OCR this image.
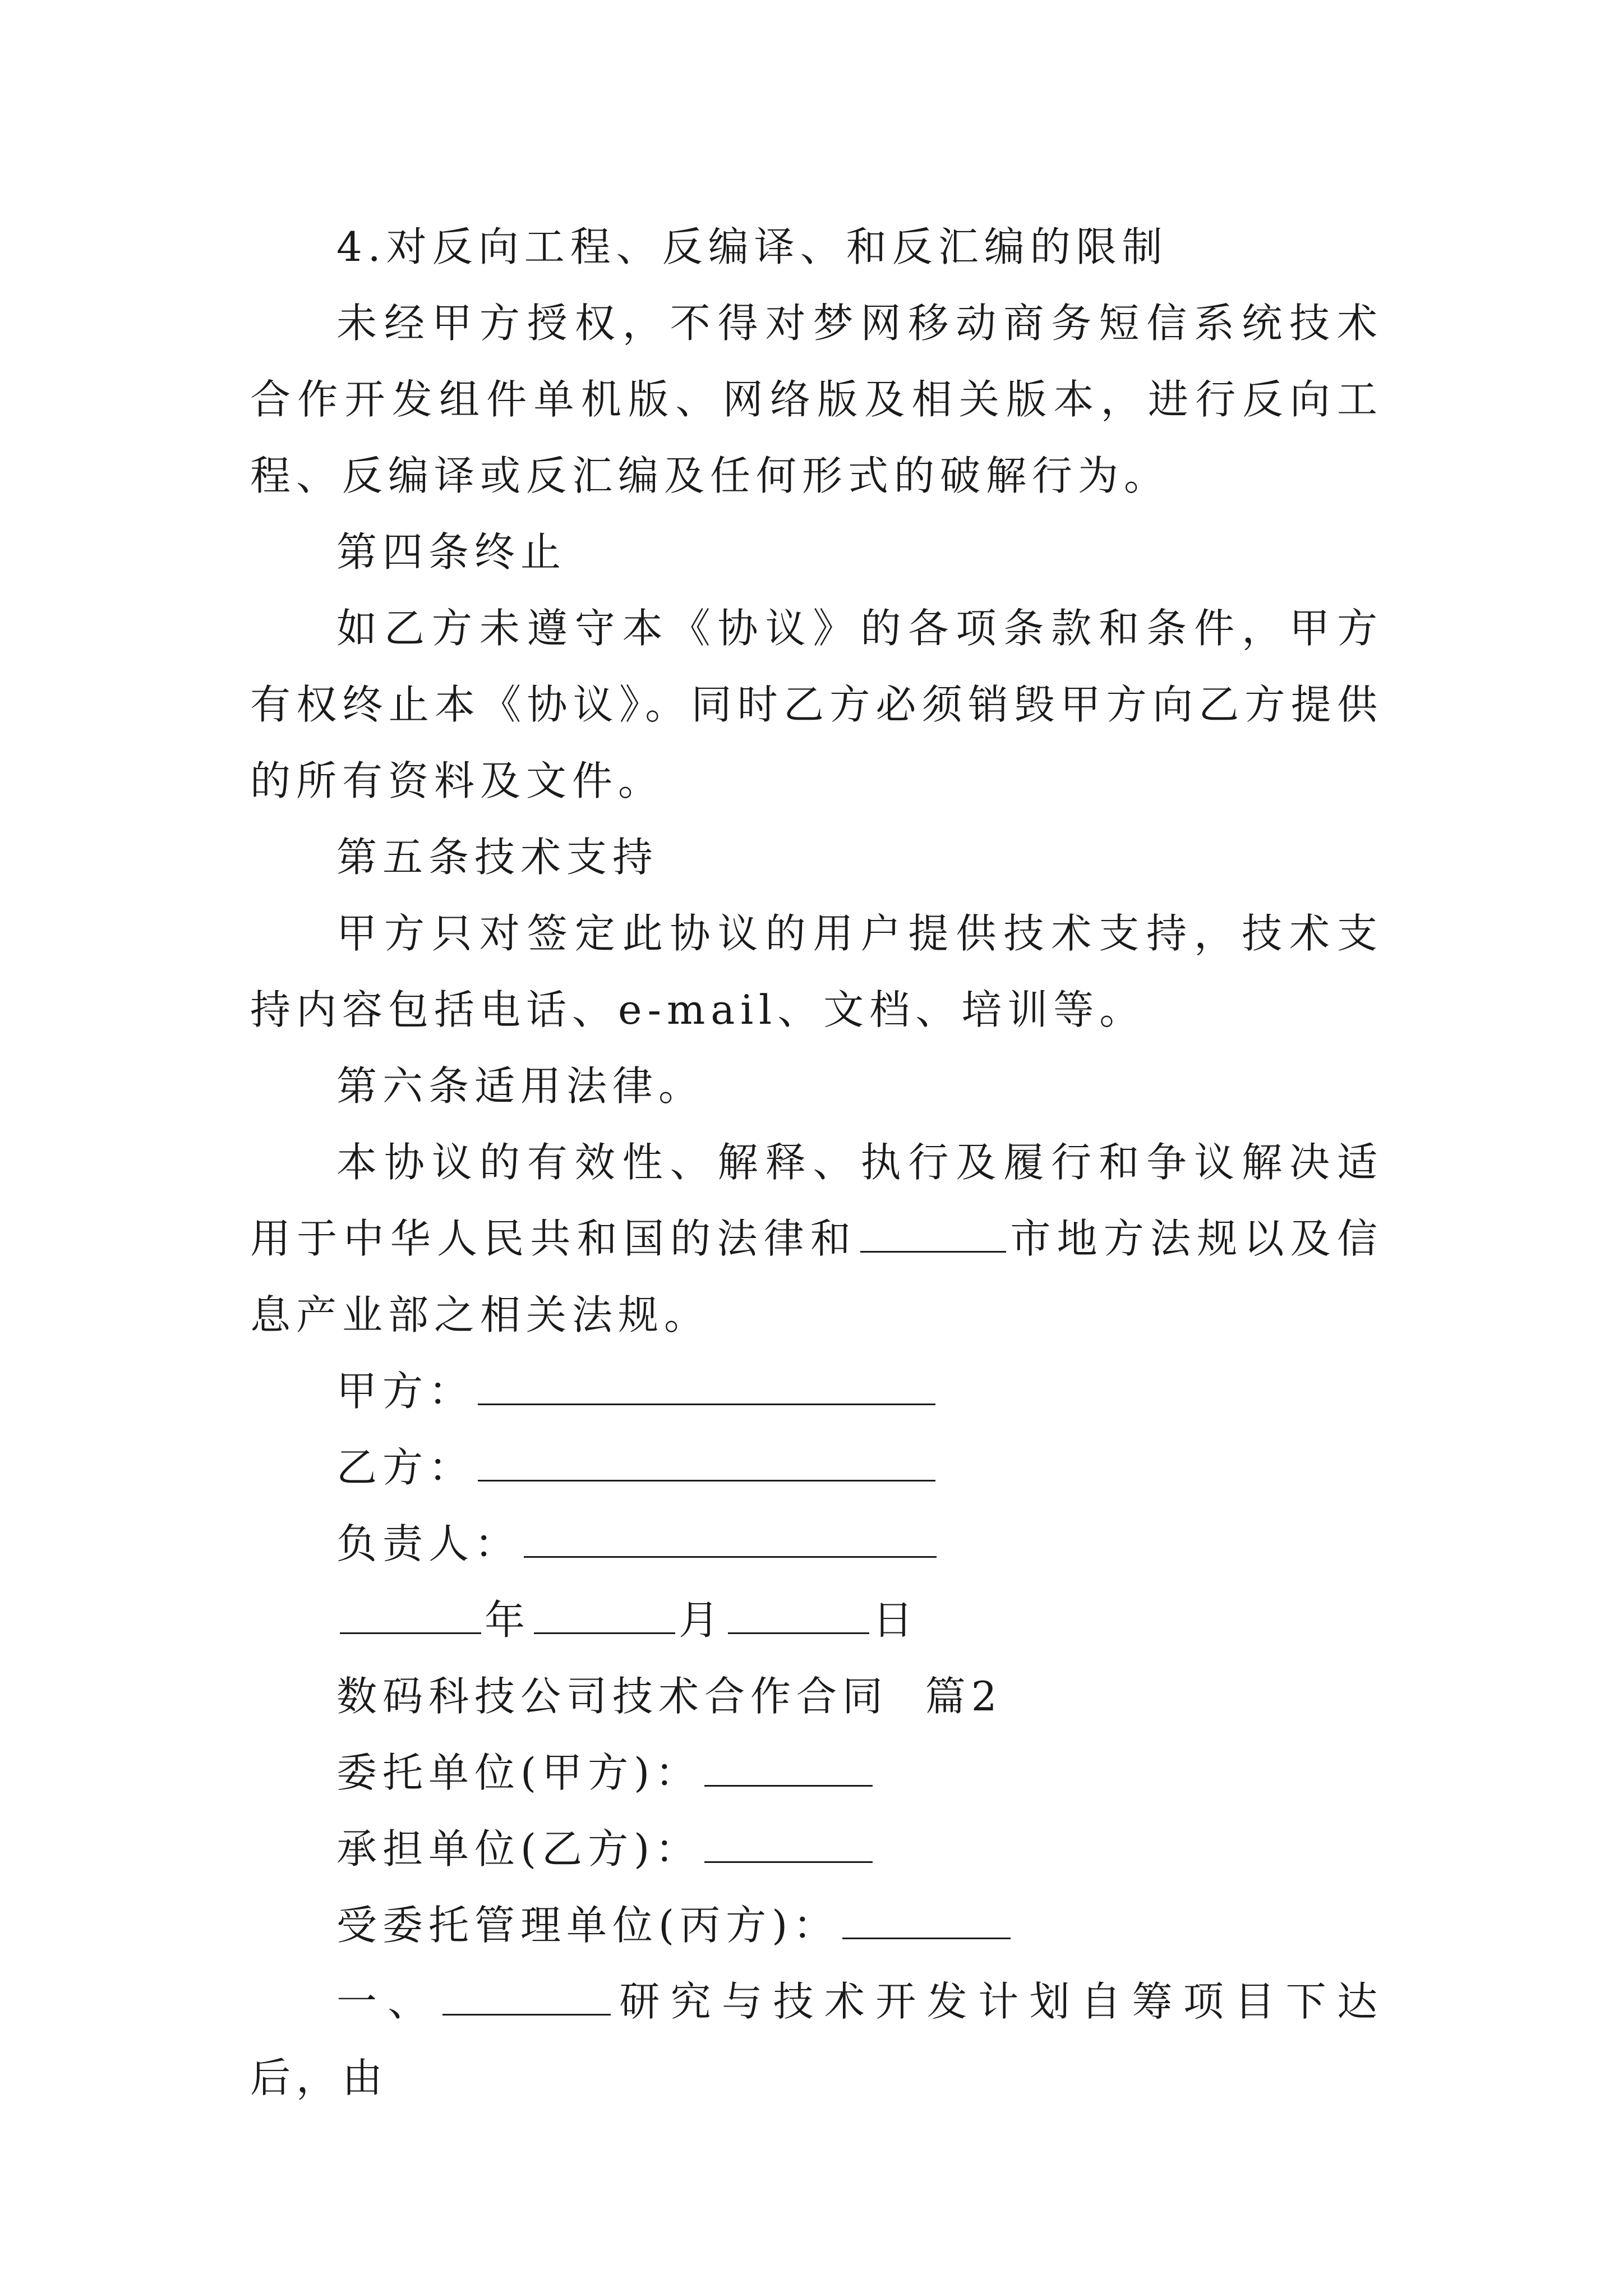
4.对反向工程、反编译、和反汇编的限制

未经甲方授权，不得对梦网移动商务短信系统技术合作开发组件单机版、网络版及相关版本，进行反向工程、反编译或反汇编及任何形式的破解行为。

第四条终止

如乙方未遵守本《协议》的各项条款和条件，甲方有权终止本《协议》。同时乙方必须销毁甲方向乙方提供的所有资料及文件。

第五条技术支持

甲方只对签定此协议的用户提供技术支持，技术支持内容包括电话、e-mail、文档、培训等。

第六条适用法律。

本协议的有效性、解释、执行及履行和争议解决适用于中华人民共和国的法律和	市地方法规以及信息产业部之相关法规。

甲方：

乙方：

负责人：

年	月	日

数码科技公司技术合作合同  篇2

委托单位(甲方)：

承担单位(乙方)：

受委托管理单位(丙方)：

一、	研究与技术开发计划自筹项目下达后，由
